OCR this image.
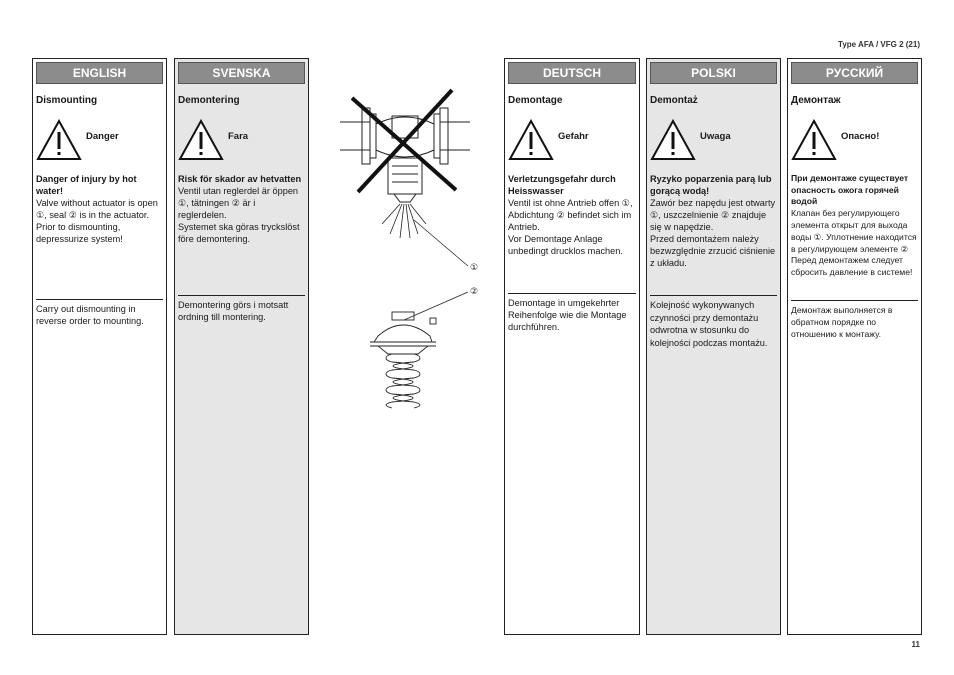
Type AFA / VFG 2 (21)
ENGLISH
Dismounting
Danger
Danger of injury by hot water!
Valve without actuator is open ①, seal ② is in the actuator.
Prior to dismounting, depressurize system!
Carry out dismounting in reverse order to mounting.
SVENSKA
Demontering
Fara
Risk för skador av hetvatten
Ventil utan reglerdel är öppen ①, tätningen ② är i reglerdelen.
Systemet ska göras tryckslöst före demontering.
Demontering görs i motsatt ordning till montering.
①
②
DEUTSCH
Demontage
Gefahr
Verletzungsgefahr durch Heisswasser
Ventil ist ohne Antrieb offen ①, Abdichtung ② befindet sich im Antrieb.
Vor Demontage Anlage unbedingt drucklos machen.
Demontage in umgekehrter Reihenfolge wie die Montage durchführen.
POLSKI
Demontaż
Uwaga
Ryzyko poparzenia parą lub gorącą wodą!
Zawór bez napędu jest otwarty ①, uszczelnienie ② znajduje się w napędzie.
Przed demontażem należy bezwzględnie zrzucić ciśnienie z układu.
Kolejność wykonywanych czynności przy demontażu odwrotna w stosunku do kolejności podczas montażu.
РУССКИЙ
Демонтаж
Опасно!
При демонтаже существует опасность ожога горячей водой
Клапан без регулирующего элемента открыт для выхода воды ①. Уплотнение находится в регулирующем элементе ②
Перед демонтажем следует сбросить давление в системе!
Демонтаж выполняется в обратном порядке по отношению к монтажу.
11
